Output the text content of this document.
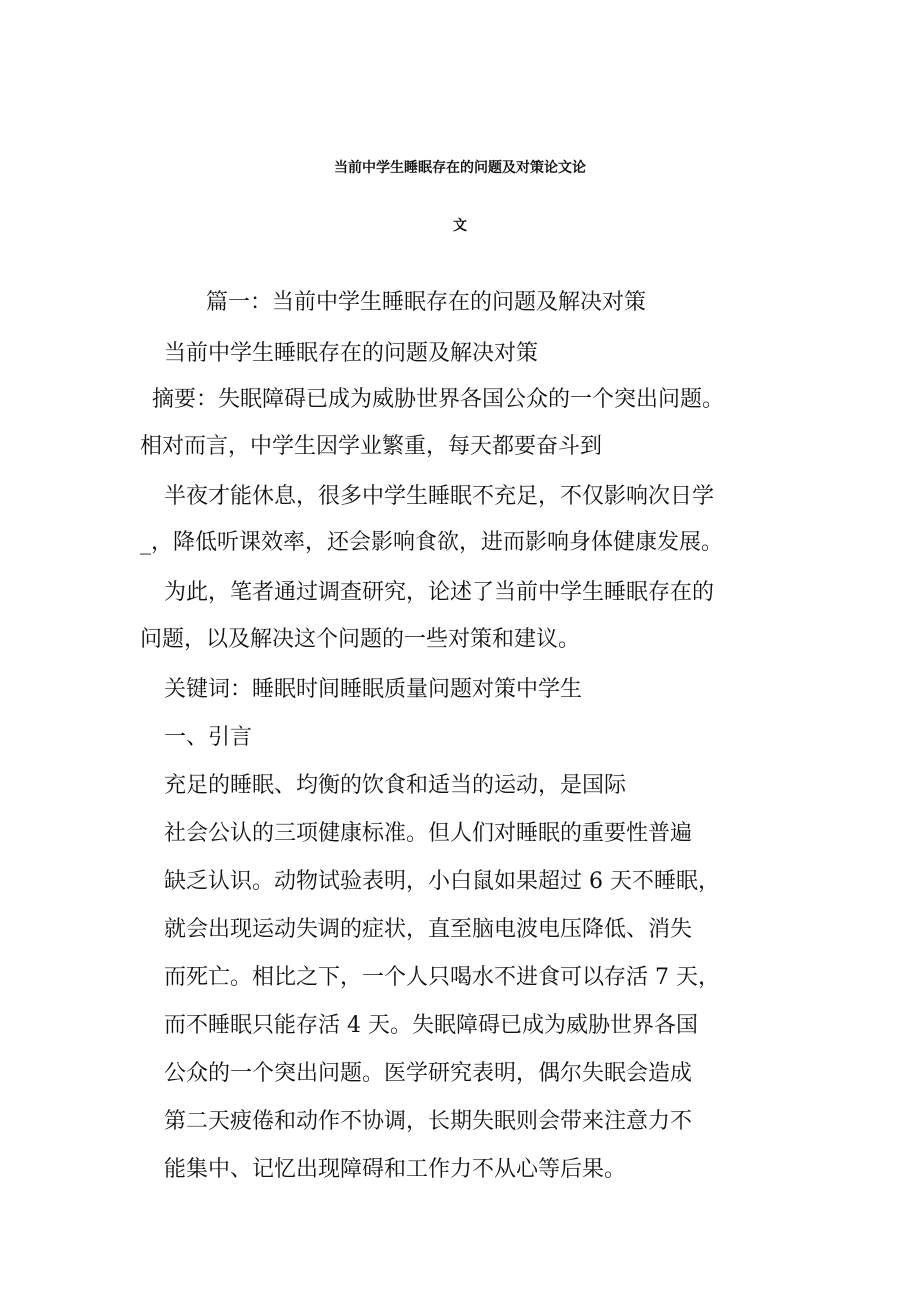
当前中学生睡眠存在的问题及对策论文论
文

篇一：当前中学生睡眠存在的问题及解决对策

当前中学生睡眠存在的问题及解决对策

摘要：失眠障碍已成为威胁世界各国公众的一个突出问题。

相对而言，中学生因学业繁重，每天都要奋斗到

半夜才能休息，很多中学生睡眠不充足，不仅影响次日学

_，降低听课效率，还会影响食欲，进而影响身体健康发展。

为此，笔者通过调查研究，论述了当前中学生睡眠存在的

问题，以及解决这个问题的一些对策和建议。

关键词：睡眠时间睡眠质量问题对策中学生

一、引言

充足的睡眠、均衡的饮食和适当的运动，是国际

社会公认的三项健康标准。但人们对睡眠的重要性普遍

缺乏认识。动物试验表明，小白鼠如果超过 6 天不睡眠，

就会出现运动失调的症状，直至脑电波电压降低、消失

而死亡。相比之下，一个人只喝水不进食可以存活 7 天，

而不睡眠只能存活 4 天。失眠障碍已成为威胁世界各国

公众的一个突出问题。医学研究表明，偶尔失眠会造成

第二天疲倦和动作不协调，长期失眠则会带来注意力不

能集中、记忆出现障碍和工作力不从心等后果。
